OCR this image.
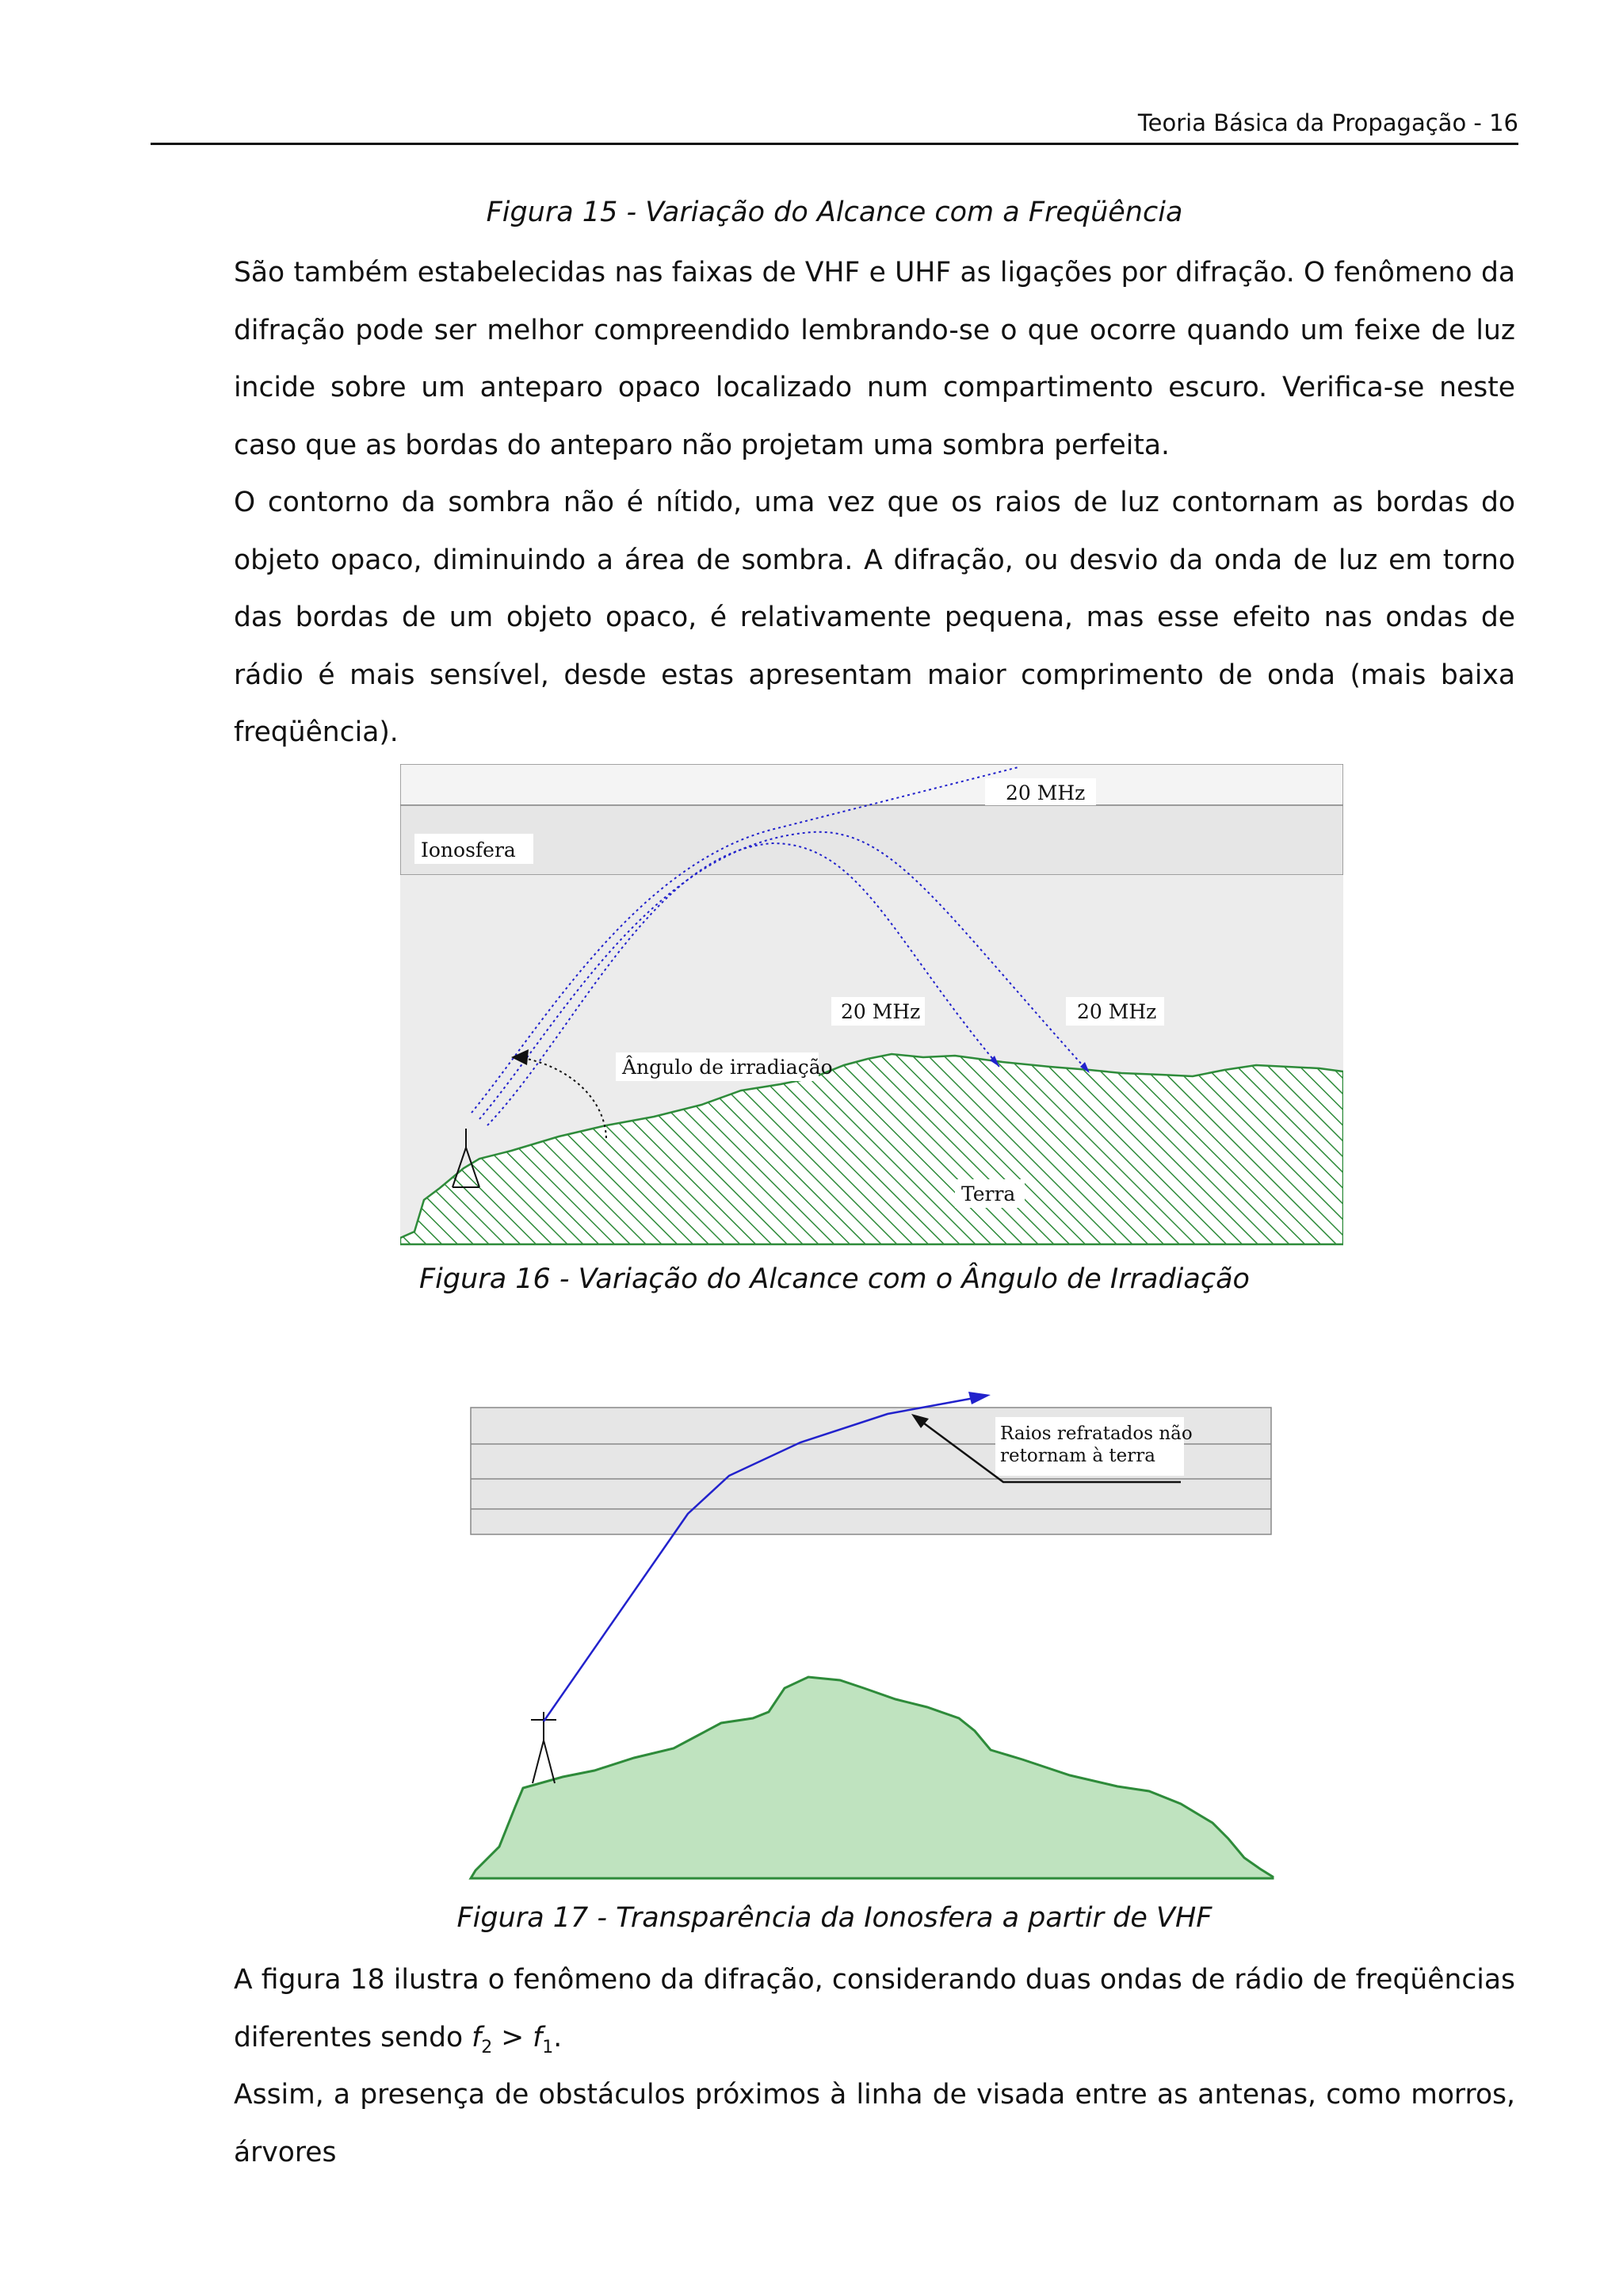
Teoria Básica da Propagação - 16
Figura 15 - Variação do Alcance com a Freqüência
São também estabelecidas nas faixas de VHF e UHF as ligações por difração. O fenômeno da difração pode ser melhor compreendido lembrando-se o que ocorre quando um feixe de luz incide sobre um anteparo opaco localizado num compartimento escuro. Verifica-se neste caso que as bordas do anteparo não projetam uma sombra perfeita.
O contorno da sombra não é nítido, uma vez que os raios de luz contornam as bordas do objeto opaco, diminuindo a área de sombra. A difração, ou desvio da onda de luz em torno das bordas de um objeto opaco, é relativamente pequena, mas esse efeito nas ondas de rádio é mais sensível, desde estas apresentam maior comprimento de onda (mais baixa freqüência).
20 MHz
Ionosfera
20 MHz	20 MHz
Ângulo de irradiação
Terra
Figura 16 - Variação do Alcance com o Ângulo de Irradiação
Raios refratados não
retornam à terra
Figura 17 - Transparência da Ionosfera a partir de VHF
A figura 18 ilustra o fenômeno da difração, considerando duas ondas de rádio de freqüências diferentes sendo $f_2 > f_1$.
Assim, a presença de obstáculos próximos à linha de visada entre as antenas, como morros, árvores
